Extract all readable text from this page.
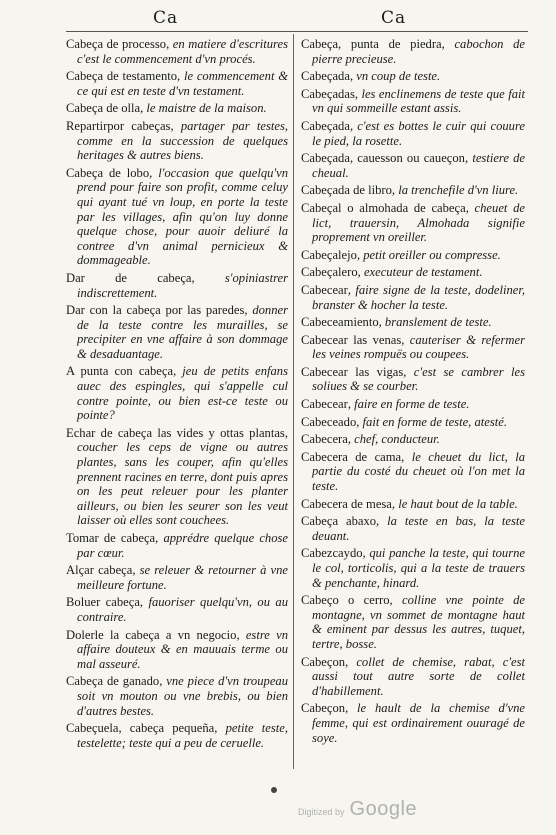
Ca	Ca

Cabeça de processo, en matiere d'escritures c'est le commencement d'vn procés.

Cabeça de testamento, le commencement & ce qui est en teste d'vn testament.

Cabeça de olla, le maistre de la maison.

Repartirpor cabeças, partager par testes, comme en la succession de quelques heritages & autres biens.

Cabeça de lobo, l'occasion que quelqu'vn prend pour faire son profit, comme celuy qui ayant tué vn loup, en porte la teste par les villages, afin qu'on luy donne quelque chose, pour auoir deliuré la contree d'vn animal pernicieux & dommageable.

Dar de cabeça, s'opiniastrer indiscrettement.

Dar con la cabeça por las paredes, donner de la teste contre les murailles, se precipiter en vne affaire à son dommage & desaduantage.

A punta con cabeça, jeu de petits enfans auec des espingles, qui s'appelle cul contre pointe, ou bien est-ce teste ou pointe?

Echar de cabeça las vides y ottas plantas, coucher les ceps de vigne ou autres plantes, sans les couper, afin qu'elles prennent racines en terre, dont puis apres on les peut releuer pour les planter ailleurs, ou bien les seurer son les veut laisser où elles sont couchees.

Tomar de cabeça, apprédre quelque chose par cœur.

Alçar cabeça, se releuer & retourner à vne meilleure fortune.

Boluer cabeça, fauoriser quelqu'vn, ou au contraire.

Dolerle la cabeça a vn negocio, estre vn affaire douteux & en mauuais terme ou mal asseuré.

Cabeça de ganado, vne piece d'vn troupeau soit vn mouton ou vne brebis, ou bien d'autres bestes.

Cabeçuela, cabeça pequeña, petite teste, testelette; teste qui a peu de ceruelle.

Cabeça, punta de piedra, cabochon de pierre precieuse.

Cabeçada, vn coup de teste.

Cabeçadas, les enclinemens de teste que fait vn qui sommeille estant assis.

Cabeçada, c'est es bottes le cuir qui couure le pied, la rosette.

Cabeçada, cauesson ou caueçon, testiere de cheual.

Cabeçada de libro, la trenchefile d'vn liure.

Cabeçal o almohada de cabeça, cheuet de lict, trauersin, Almohada signifie proprement vn oreiller.

Cabeçalejo, petit oreiller ou compresse.

Cabeçalero, executeur de testament.

Cabecear, faire signe de la teste, dodeliner, branster & hocher la teste.

Cabeceamiento, branslement de teste.

Cabecear las venas, cauteriser & refermer les veines rompuës ou coupees.

Cabecear las vigas, c'est se cambrer les soliues & se courber.

Cabecear, faire en forme de teste.

Cabeceado, fait en forme de teste, atesté.

Cabecera, chef, conducteur.

Cabecera de cama, le cheuet du lict, la partie du costé du cheuet où l'on met la teste.

Cabecera de mesa, le haut bout de la table.

Cabeça abaxo, la teste en bas, la teste deuant.

Cabezcaydo, qui panche la teste, qui tourne le col, torticolis, qui a la teste de trauers & penchante, hinard.

Cabeço o cerro, colline vne pointe de montagne, vn sommet de montagne haut & eminent par dessus les autres, tuquet, tertre, bosse.

Cabeçon, collet de chemise, rabat, c'est aussi tout autre sorte de collet d'habillement.

Cabeçon, le hault de la chemise d'vne femme, qui est ordinairement ouuragé de soye.

Digitized by Google
